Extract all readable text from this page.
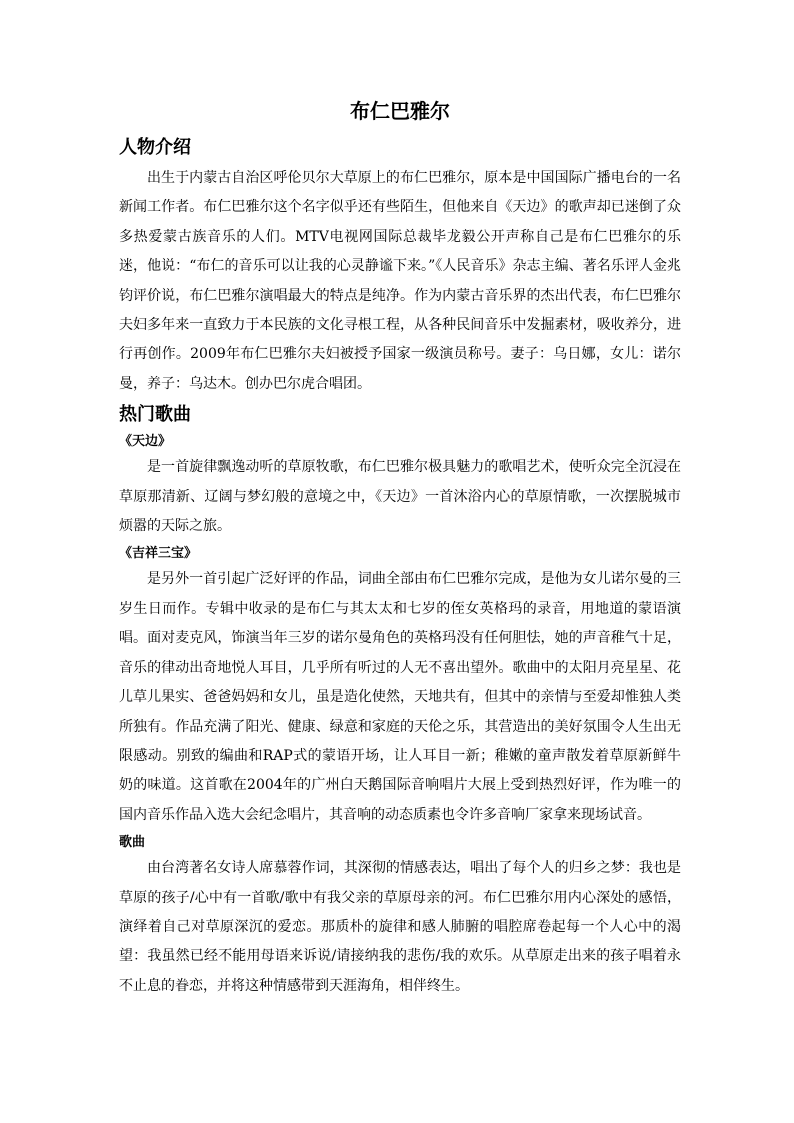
布仁巴雅尔
人物介绍

出生于内蒙古自治区呼伦贝尔大草原上的布仁巴雅尔，原本是中国国际广播电台的一名新闻工作者。布仁巴雅尔这个名字似乎还有些陌生，但他来自《天边》的歌声却已迷倒了众多热爱蒙古族音乐的人们。MTV电视网国际总裁毕龙毅公开声称自己是布仁巴雅尔的乐迷，他说：“布仁的音乐可以让我的心灵静谧下来。”《人民音乐》杂志主编、著名乐评人金兆钧评价说，布仁巴雅尔演唱最大的特点是纯净。作为内蒙古音乐界的杰出代表，布仁巴雅尔夫妇多年来一直致力于本民族的文化寻根工程，从各种民间音乐中发掘素材，吸收养分，进行再创作。2009年布仁巴雅尔夫妇被授予国家一级演员称号。妻子：乌日娜，女儿：诺尔曼，养子：乌达木。创办巴尔虎合唱团。

热门歌曲
《天边》

是一首旋律飘逸动听的草原牧歌，布仁巴雅尔极具魅力的歌唱艺术，使听众完全沉浸在草原那清新、辽阔与梦幻般的意境之中，《天边》一首沐浴内心的草原情歌，一次摆脱城市烦嚣的天际之旅。

《吉祥三宝》

是另外一首引起广泛好评的作品，词曲全部由布仁巴雅尔完成，是他为女儿诺尔曼的三岁生日而作。专辑中收录的是布仁与其太太和七岁的侄女英格玛的录音，用地道的蒙语演唱。面对麦克风，饰演当年三岁的诺尔曼角色的英格玛没有任何胆怯，她的声音稚气十足，音乐的律动出奇地悦人耳目，几乎所有听过的人无不喜出望外。歌曲中的太阳月亮星星、花儿草儿果实、爸爸妈妈和女儿，虽是造化使然，天地共有，但其中的亲情与至爱却惟独人类所独有。作品充满了阳光、健康、绿意和家庭的天伦之乐，其营造出的美好氛围令人生出无限感动。别致的编曲和RAP式的蒙语开场，让人耳目一新；稚嫩的童声散发着草原新鲜牛奶的味道。这首歌在2004年的广州白天鹅国际音响唱片大展上受到热烈好评，作为唯一的国内音乐作品入选大会纪念唱片，其音响的动态质素也令许多音响厂家拿来现场试音。

歌曲

由台湾著名女诗人席慕蓉作词，其深彻的情感表达，唱出了每个人的归乡之梦：我也是草原的孩子/心中有一首歌/歌中有我父亲的草原母亲的河。布仁巴雅尔用内心深处的感悟，演绎着自己对草原深沉的爱恋。那质朴的旋律和感人肺腑的唱腔席卷起每一个人心中的渴望：我虽然已经不能用母语来诉说/请接纳我的悲伤/我的欢乐。从草原走出来的孩子唱着永不止息的眷恋，并将这种情感带到天涯海角，相伴终生。
